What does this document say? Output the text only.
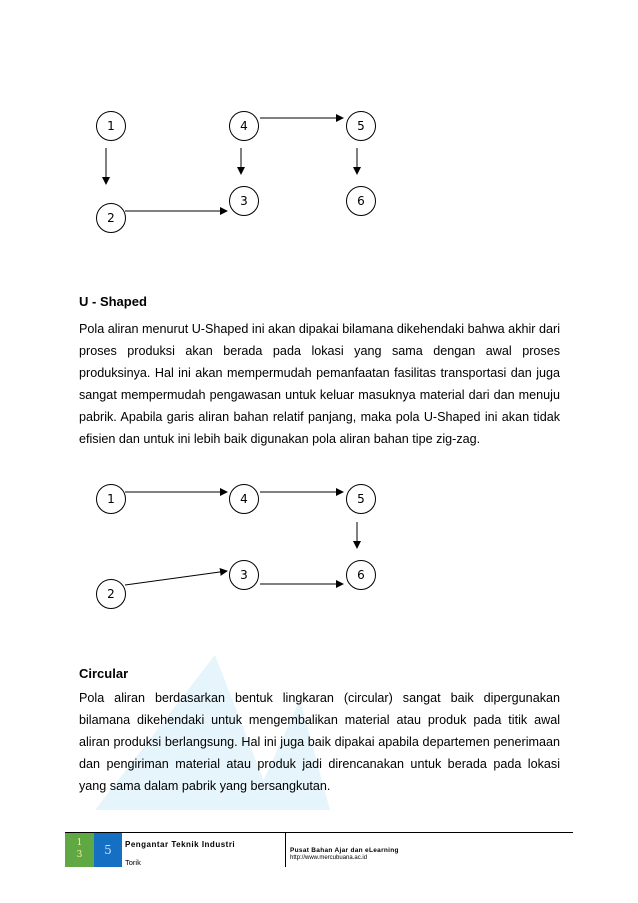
1
2
3
4	5
6
U - Shaped

Pola aliran menurut U-Shaped ini akan dipakai bilamana dikehendaki bahwa akhir dari proses produksi akan berada pada lokasi yang sama dengan awal proses produksinya. Hal ini akan mempermudah pemanfaatan fasilitas transportasi dan juga sangat mempermudah pengawasan untuk keluar masuknya material dari dan menuju pabrik. Apabila garis aliran bahan relatif panjang, maka pola U-Shaped ini akan tidak efisien dan untuk ini lebih baik digunakan pola aliran bahan tipe zig-zag.

1
2
3
4	5
6
Circular

Pola aliran berdasarkan bentuk lingkaran (circular) sangat baik dipergunakan bilamana dikehendaki untuk mengembalikan material atau produk pada titik awal aliran produksi berlangsung. Hal ini juga baik dipakai apabila departemen penerimaan dan pengiriman material atau produk jadi direncanakan untuk berada pada lokasi yang sama dalam pabrik yang bersangkutan.

1
3	5	Pengantar Teknik Industri
Torik
Pusat Bahan Ajar dan eLearning
http://www.mercubuana.ac.id
